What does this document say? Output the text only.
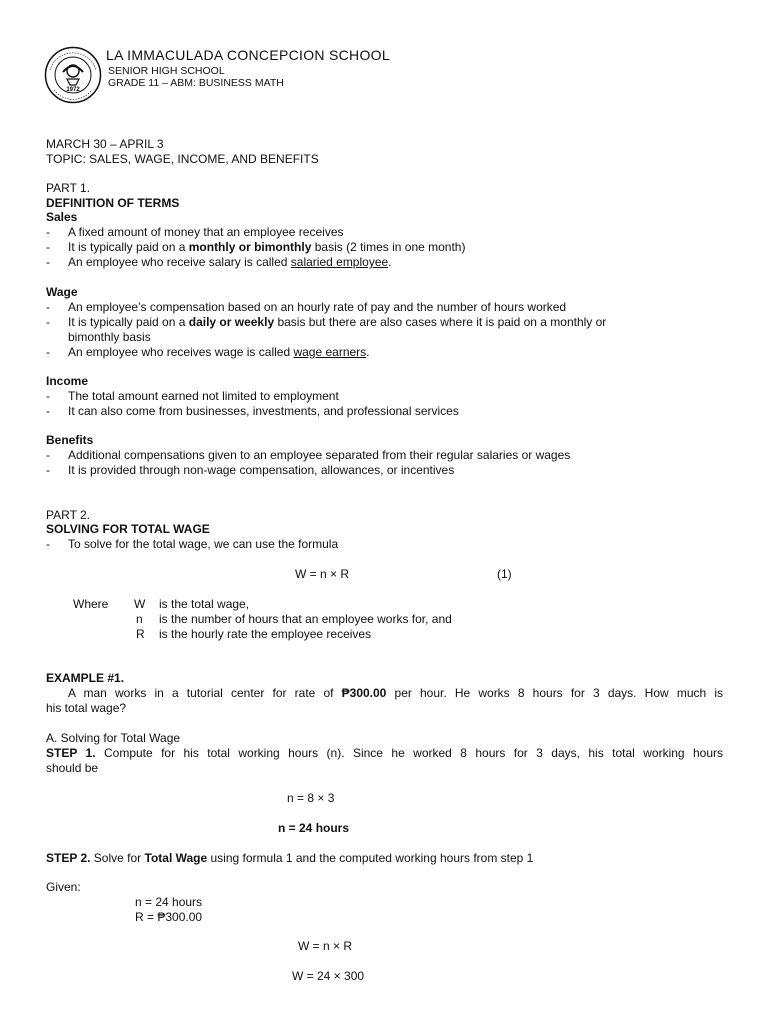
1972
LA IMMACULADA CONCEPCION SCHOOL
SENIOR HIGH SCHOOL
GRADE 11 – ABM: BUSINESS MATH
MARCH 30 – APRIL 3
TOPIC: SALES, WAGE, INCOME, AND BENEFITS
PART 1.
DEFINITION OF TERMS
Sales
- A fixed amount of money that an employee receives
- It is typically paid on a monthly or bimonthly basis (2 times in one month)
- An employee who receive salary is called salaried employee.
Wage
- An employee’s compensation based on an hourly rate of pay and the number of hours worked
- It is typically paid on a daily or weekly basis but there are also cases where it is paid on a monthly or
bimonthly basis
- An employee who receives wage is called wage earners.
Income
- The total amount earned not limited to employment
- It can also come from businesses, investments, and professional services
Benefits
- Additional compensations given to an employee separated from their regular salaries or wages
- It is provided through non-wage compensation, allowances, or incentives
PART 2.
SOLVING FOR TOTAL WAGE
- To solve for the total wage, we can use the formula
W = n × R	(1)
Where W is the total wage,
n is the number of hours that an employee works for, and
R is the hourly rate the employee receives
EXAMPLE #1.
A man works in a tutorial center for rate of ₱300.00 per hour. He works 8 hours for 3 days. How much is
his total wage?
A. Solving for Total Wage
STEP 1. Compute for his total working hours (n). Since he worked 8 hours for 3 days, his total working hours
should be
n = 8 × 3
n = 24 hours
STEP 2. Solve for Total Wage using formula 1 and the computed working hours from step 1
Given:
n = 24 hours
R = ₱300.00
W = n × R
W = 24 × 300
